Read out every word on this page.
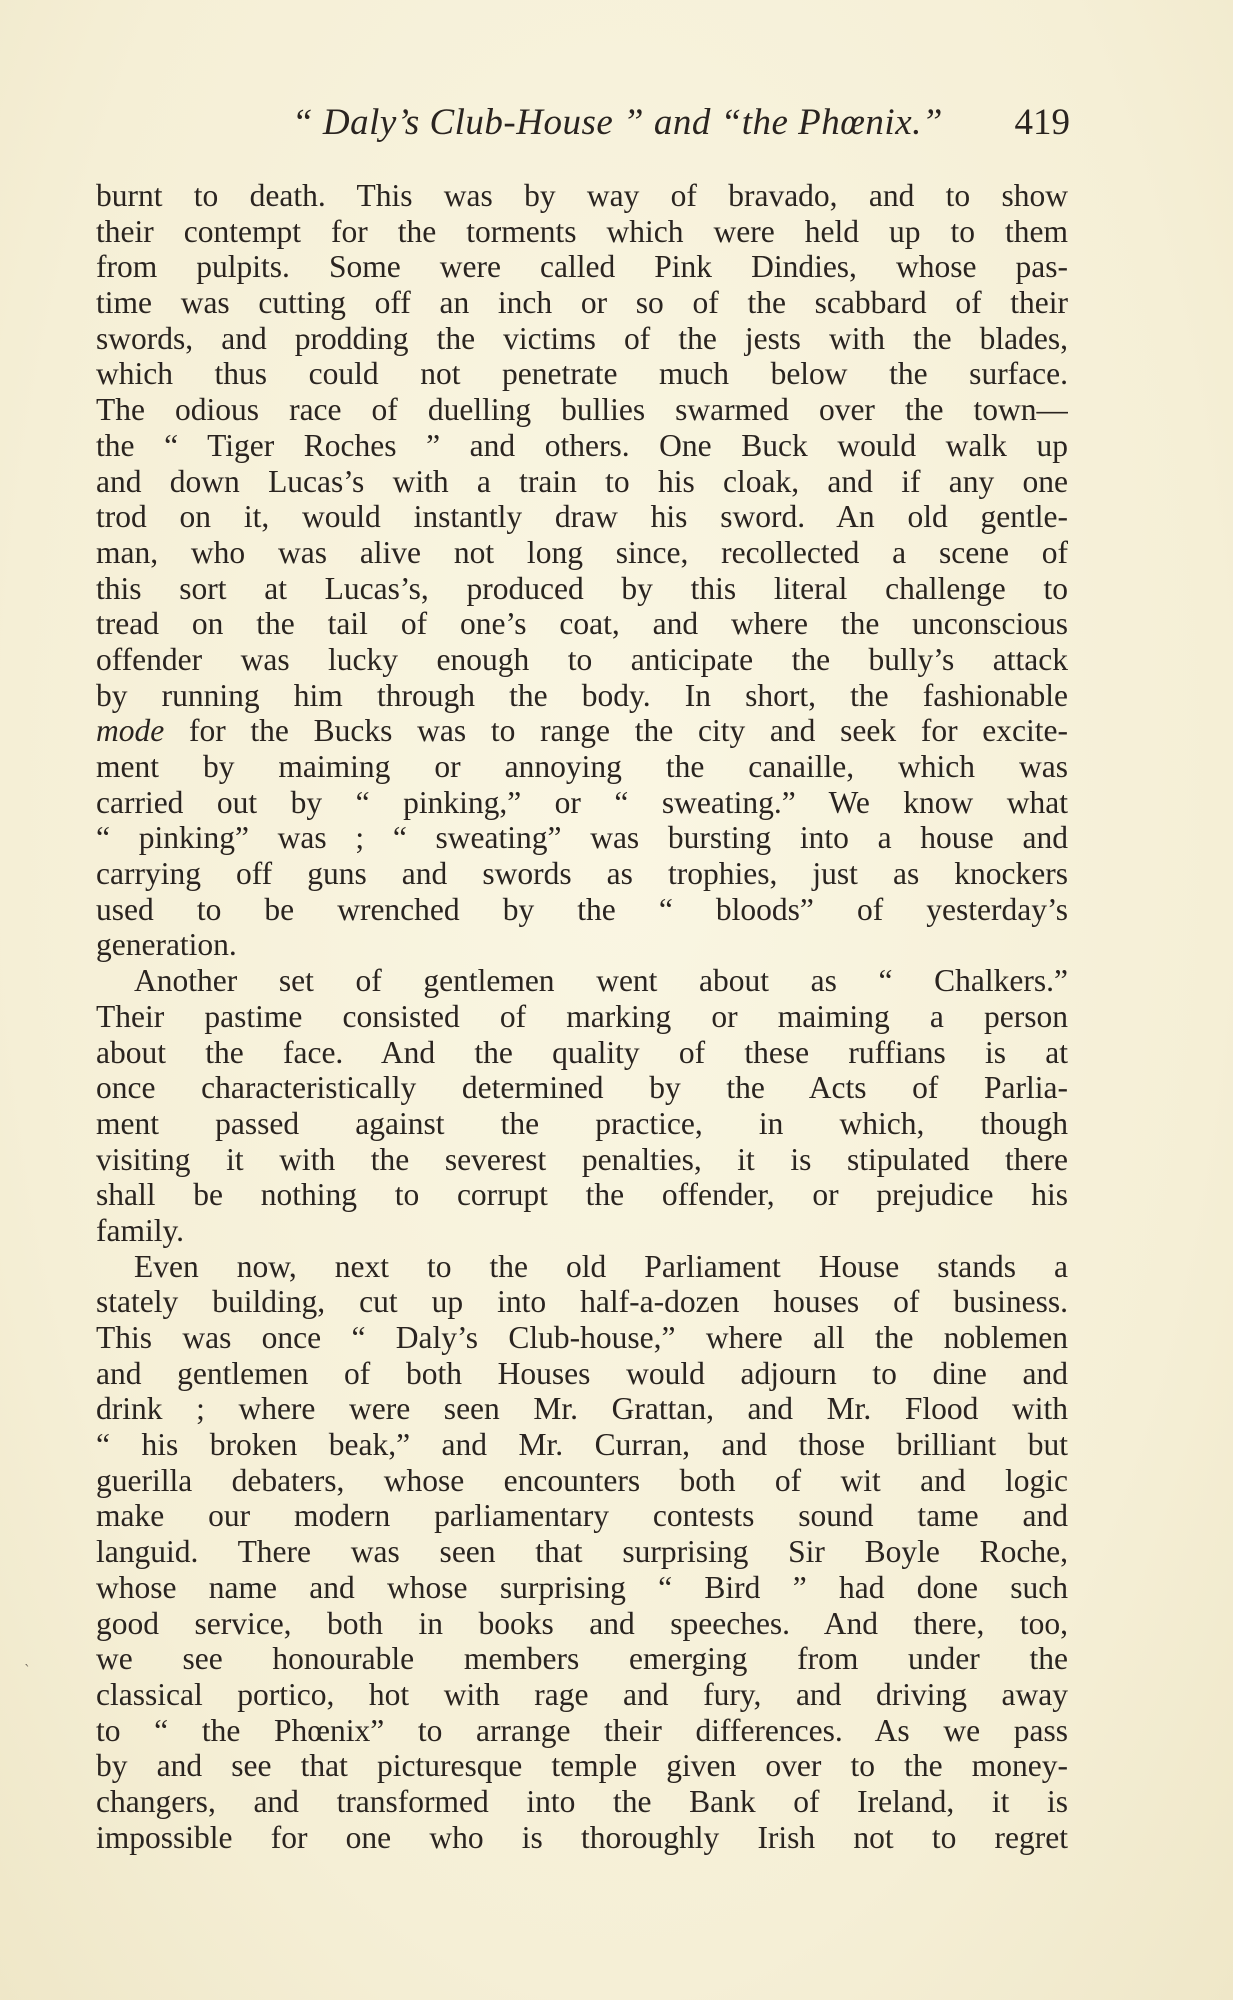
“ Daly’s Club-House ” and “the Phœnix.”	419
burnt to death. This was by way of bravado, and to show
their contempt for the torments which were held up to them
from pulpits. Some were called Pink Dindies, whose pas-
time was cutting off an inch or so of the scabbard of their
swords, and prodding the victims of the jests with the blades,
which thus could not penetrate much below the surface.
The odious race of duelling bullies swarmed over the town—
the “ Tiger Roches ” and others. One Buck would walk up
and down Lucas’s with a train to his cloak, and if any one
trod on it, would instantly draw his sword. An old gentle-
man, who was alive not long since, recollected a scene of
this sort at Lucas’s, produced by this literal challenge to
tread on the tail of one’s coat, and where the unconscious
offender was lucky enough to anticipate the bully’s attack
by running him through the body. In short, the fashionable
mode for the Bucks was to range the city and seek for excite-
ment by maiming or annoying the canaille, which was
carried out by “ pinking,” or “ sweating.” We know what
“ pinking” was ; “ sweating” was bursting into a house and
carrying off guns and swords as trophies, just as knockers
used to be wrenched by the “ bloods” of yesterday’s
generation.
Another set of gentlemen went about as “ Chalkers.”
Their pastime consisted of marking or maiming a person
about the face. And the quality of these ruffians is at
once characteristically determined by the Acts of Parlia-
ment passed against the practice, in which, though
visiting it with the severest penalties, it is stipulated there
shall be nothing to corrupt the offender, or prejudice his
family.
Even now, next to the old Parliament House stands a
stately building, cut up into half-a-dozen houses of business.
This was once “ Daly’s Club-house,” where all the noblemen
and gentlemen of both Houses would adjourn to dine and
drink ; where were seen Mr. Grattan, and Mr. Flood with
“ his broken beak,” and Mr. Curran, and those brilliant but
guerilla debaters, whose encounters both of wit and logic
make our modern parliamentary contests sound tame and
languid. There was seen that surprising Sir Boyle Roche,
whose name and whose surprising “ Bird ” had done such
good service, both in books and speeches. And there, too,
we see honourable members emerging from under the
classical portico, hot with rage and fury, and driving away
to “ the Phœnix” to arrange their differences. As we pass
by and see that picturesque temple given over to the money-
changers, and transformed into the Bank of Ireland, it is
impossible for one who is thoroughly Irish not to regret
`
